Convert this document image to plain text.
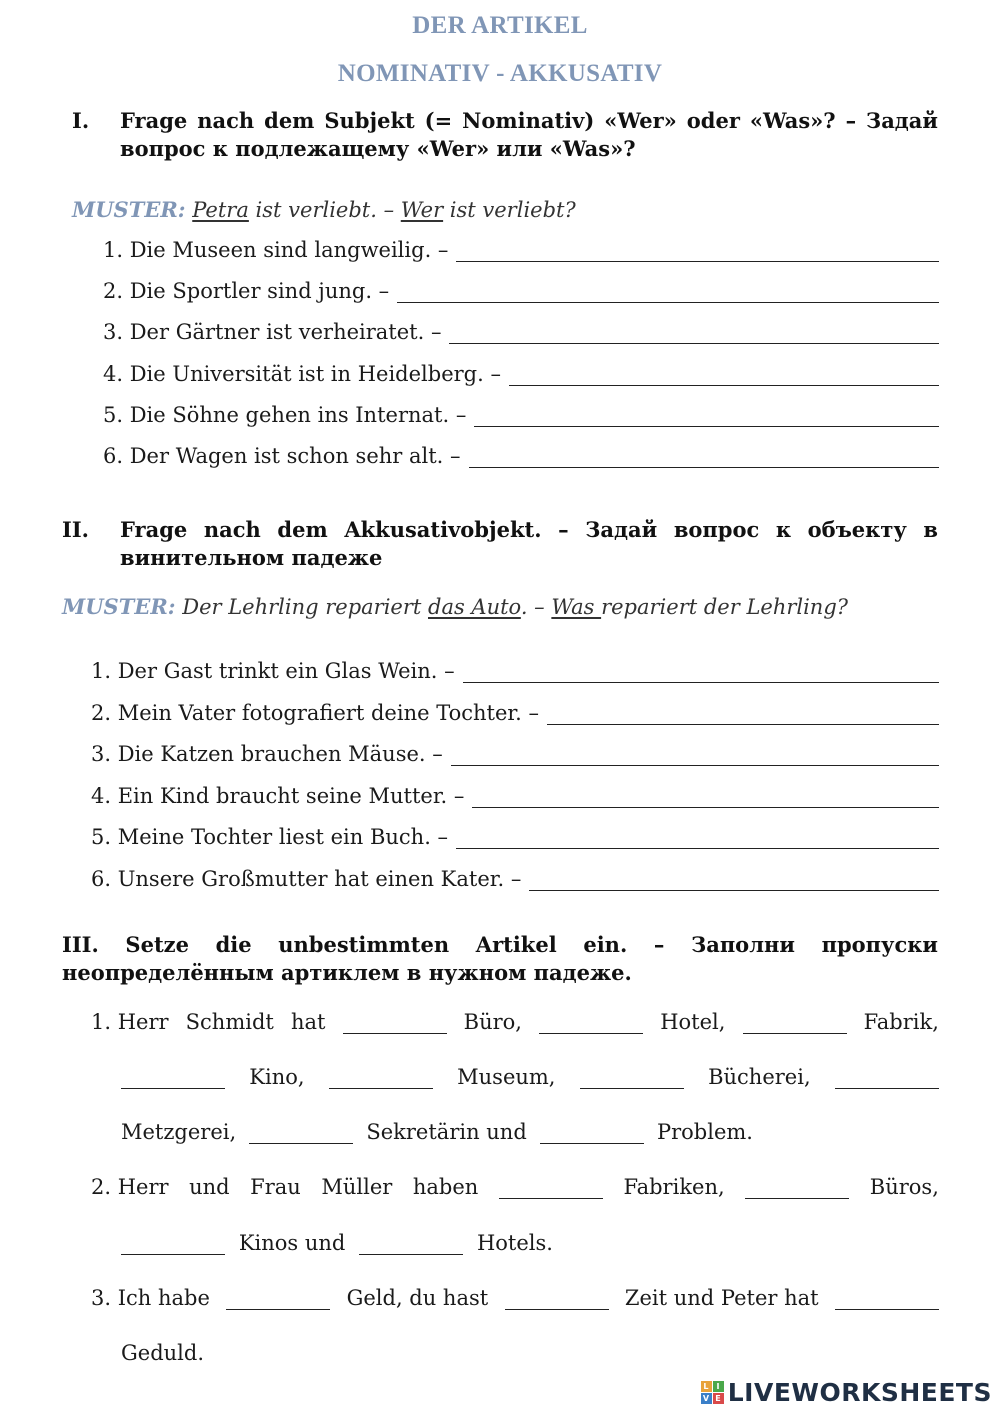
DER ARTIKEL
NOMINATIV - AKKUSATIV
I. Frage nach dem Subjekt (= Nominativ) «Wer» oder «Was»? – Задай
вопрос к подлежащему «Wer» или «Was»?
MUSTER: Petra ist verliebt. – Wer ist verliebt?
1. Die Museen sind langweilig. –
2. Die Sportler sind jung. –
3. Der Gärtner ist verheiratet. –
4. Die Universität ist in Heidelberg. –
5. Die Söhne gehen ins Internat. –
6. Der Wagen ist schon sehr alt. –
II. Frage nach dem Akkusativobjekt. – Задай вопрос к объекту в
винительном падеже
MUSTER: Der Lehrling repariert das Auto. – Was repariert der Lehrling?
1. Der Gast trinkt ein Glas Wein. –
2. Mein Vater fotografiert deine Tochter. –
3. Die Katzen brauchen Mäuse. –
4. Ein Kind braucht seine Mutter. –
5. Meine Tochter liest ein Buch. –
6. Unsere Großmutter hat einen Kater. –
III. Setze die unbestimmten Artikel ein. – Заполни пропуски
неопределённым артиклем в нужном падеже.
1. Herr Schmidt hat	Büro,	Hotel,	Fabrik,
Kino,	Museum,	Bücherei,
Metzgerei,	Sekretärin und	Problem.
2. Herr und Frau Müller haben	Fabriken,	Büros,
Kinos und	Hotels.
3. Ich habe	Geld, du hast	Zeit und Peter hat
Geduld.
L I
V E LIVEWORKSHEETS
